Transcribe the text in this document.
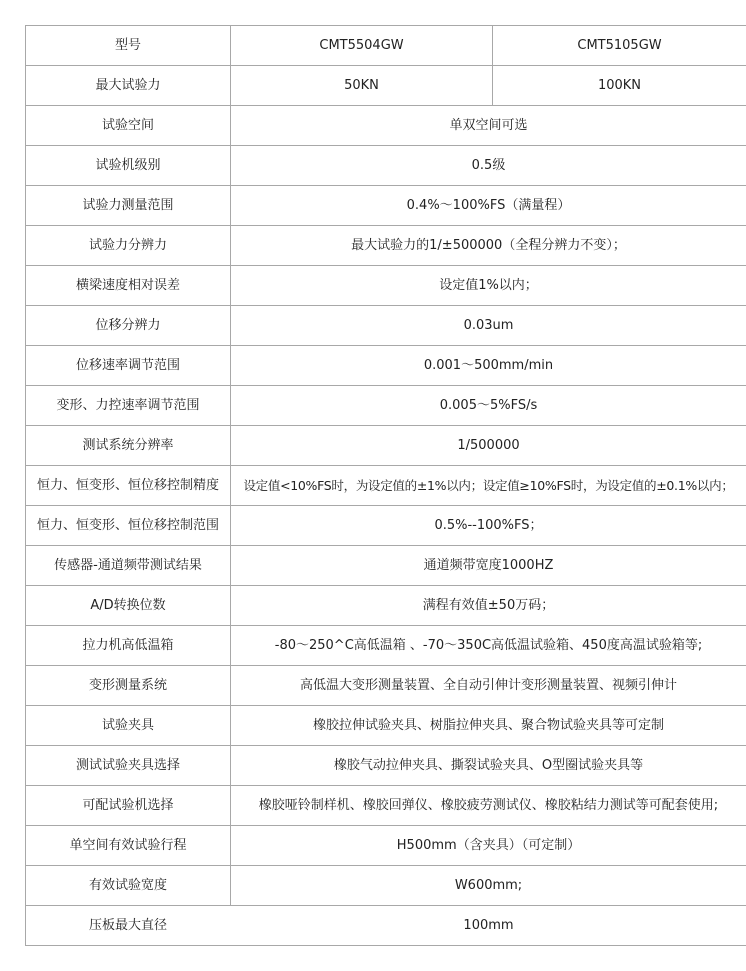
型号	CMT5504GW	CMT5105GW
最大试验力	50KN	100KN
试验空间	单双空间可选	
试验机级别	0.5级	
试验力测量范围	0.4%～100%FS（满量程）	
试验力分辨力	最大试验力的1/±500000（全程分辨力不变）；	
横梁速度相对误差	设定值1%以内；	
位移分辨力	0.03um	
位移速率调节范围	0.001～500mm/min	
变形、力控速率调节范围	0.005～5%FS/s	
测试系统分辨率	1/500000	
恒力、恒变形、恒位移控制精度	设定值<10%FS时，为设定值的±1%以内；设定值≥10%FS时，为设定值的±0.1%以内；	
恒力、恒变形、恒位移控制范围	0.5%--100%FS；	
传感器-通道频带测试结果	通道频带宽度1000HZ	
A/D转换位数	满程有效值±50万码；	
拉力机高低温箱	-80～250^C高低温箱 、-70～350C高低温试验箱、450度高温试验箱等;	
变形测量系统	高低温大变形测量装置、全自动引伸计变形测量装置、视频引伸计	
试验夹具	橡胶拉伸试验夹具、树脂拉伸夹具、聚合物试验夹具等可定制	
测试试验夹具选择	橡胶气动拉伸夹具、撕裂试验夹具、O型圈试验夹具等	
可配试验机选择	橡胶哑铃制样机、橡胶回弹仪、橡胶疲劳测试仪、橡胶粘结力测试等可配套使用;	
单空间有效试验行程	H500mm（含夹具）（可定制）	
有效试验宽度	W600mm;	
压板最大直径	100mm	
